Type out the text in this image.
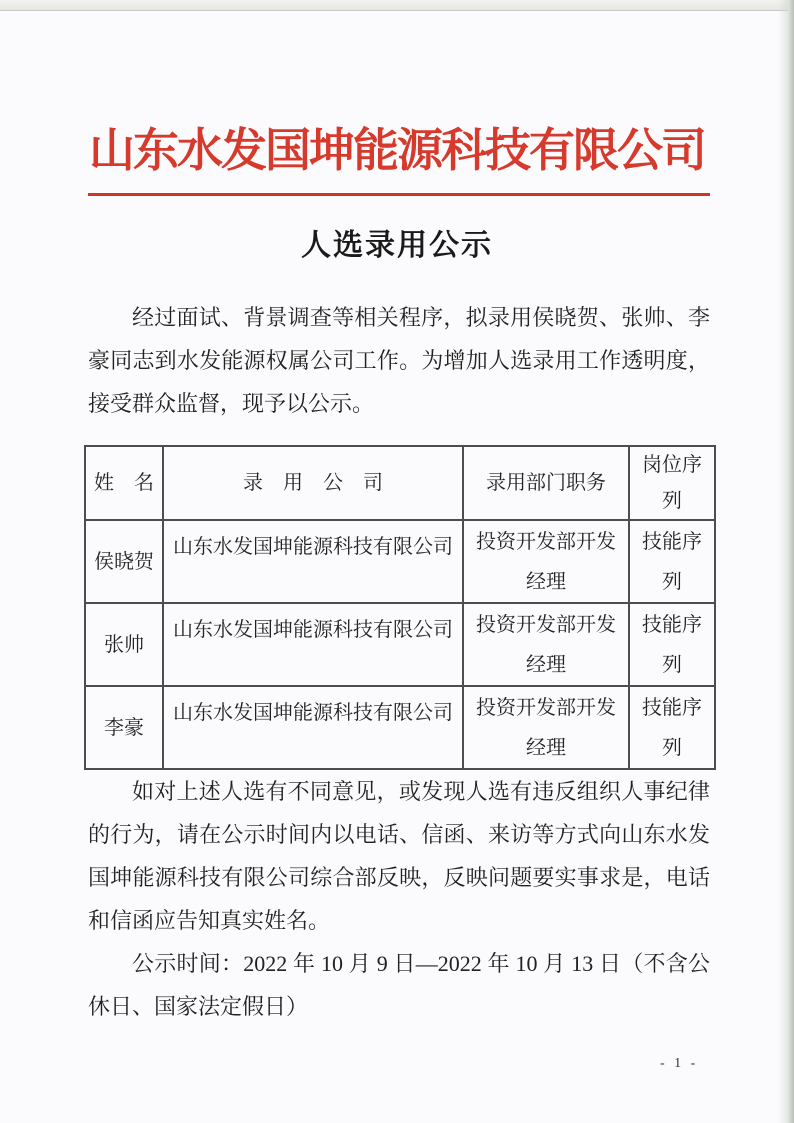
山东水发国坤能源科技有限公司
人选录用公示

经过面试、背景调查等相关程序，拟录用侯晓贺、张帅、李豪同志到水发能源权属公司工作。为增加人选录用工作透明度，接受群众监督，现予以公示。

姓　名	录　用　公　司	录用部门职务	岗位序列
侯晓贺	山东水发国坤能源科技有限公司	投资开发部开发经理	技能序列
张帅	山东水发国坤能源科技有限公司	投资开发部开发经理	技能序列
李豪	山东水发国坤能源科技有限公司	投资开发部开发经理	技能序列

如对上述人选有不同意见，或发现人选有违反组织人事纪律的行为，请在公示时间内以电话、信函、来访等方式向山东水发国坤能源科技有限公司综合部反映，反映问题要实事求是，电话和信函应告知真实姓名。

公示时间：2022 年 10 月 9 日—2022 年 10 月 13 日（不含公休日、国家法定假日）

- 1 -
